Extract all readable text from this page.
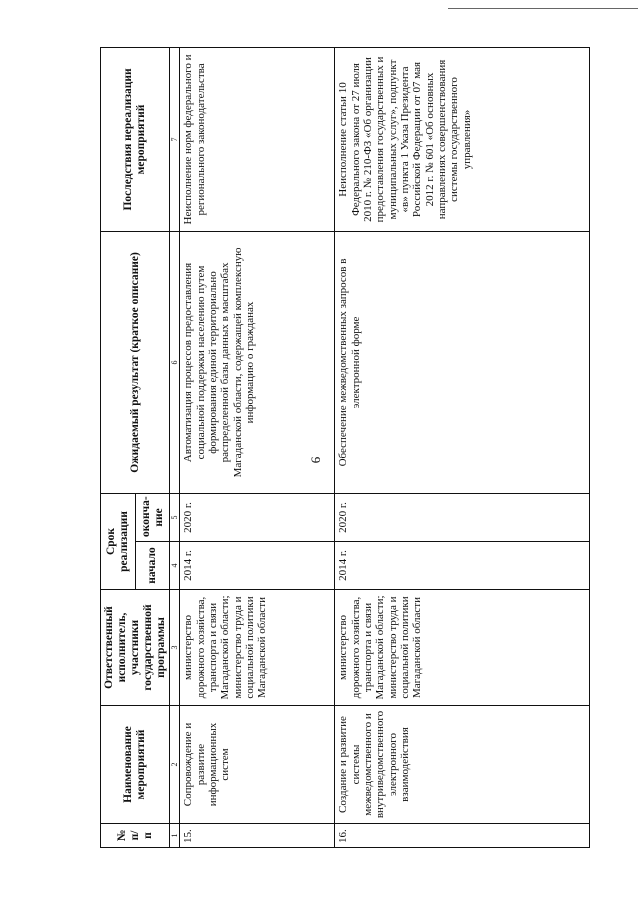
9
№ п/п	Наименование мероприятий	Ответственный исполнитель, участники государственной программы	Срок реализации		Ожидаемый результат (краткое описание)	Последствия нереализации мероприятий
			начало	оконча-ние		
1	2	3	4	5	6	7
15.	Сопровождение и развитие информационных систем	министерство дорожного хозяйства, транспорта и связи Магаданской области; министерство труда и социальной политики Магаданской области	2014 г.	2020 г.	Автоматизация процессов предоставления социальной поддержки населению путем формирования единой территориально распределенной базы данных в масштабах Магаданской области, содержащей комплексную информацию о гражданах	Неисполнение норм федерального и регионального законодательства
16.	Создание и развитие системы межведомственного и внутриведомственного электронного взаимодействия	министерство дорожного хозяйства, транспорта и связи Магаданской области; министерство труда и социальной политики Магаданской области	2014 г.	2020 г.	Обеспечение межведомственных запросов в электронной форме	Неисполнение статьи 10 Федерального закона от 27 июля 2010 г. № 210-ФЗ «Об организации предоставления государственных и муниципальных услуг», подпункт «в» пункта 1 Указа Президента Российской Федерации от 07 мая 2012 г. № 601 «Об основных направлениях совершенствования системы государственного управления»
